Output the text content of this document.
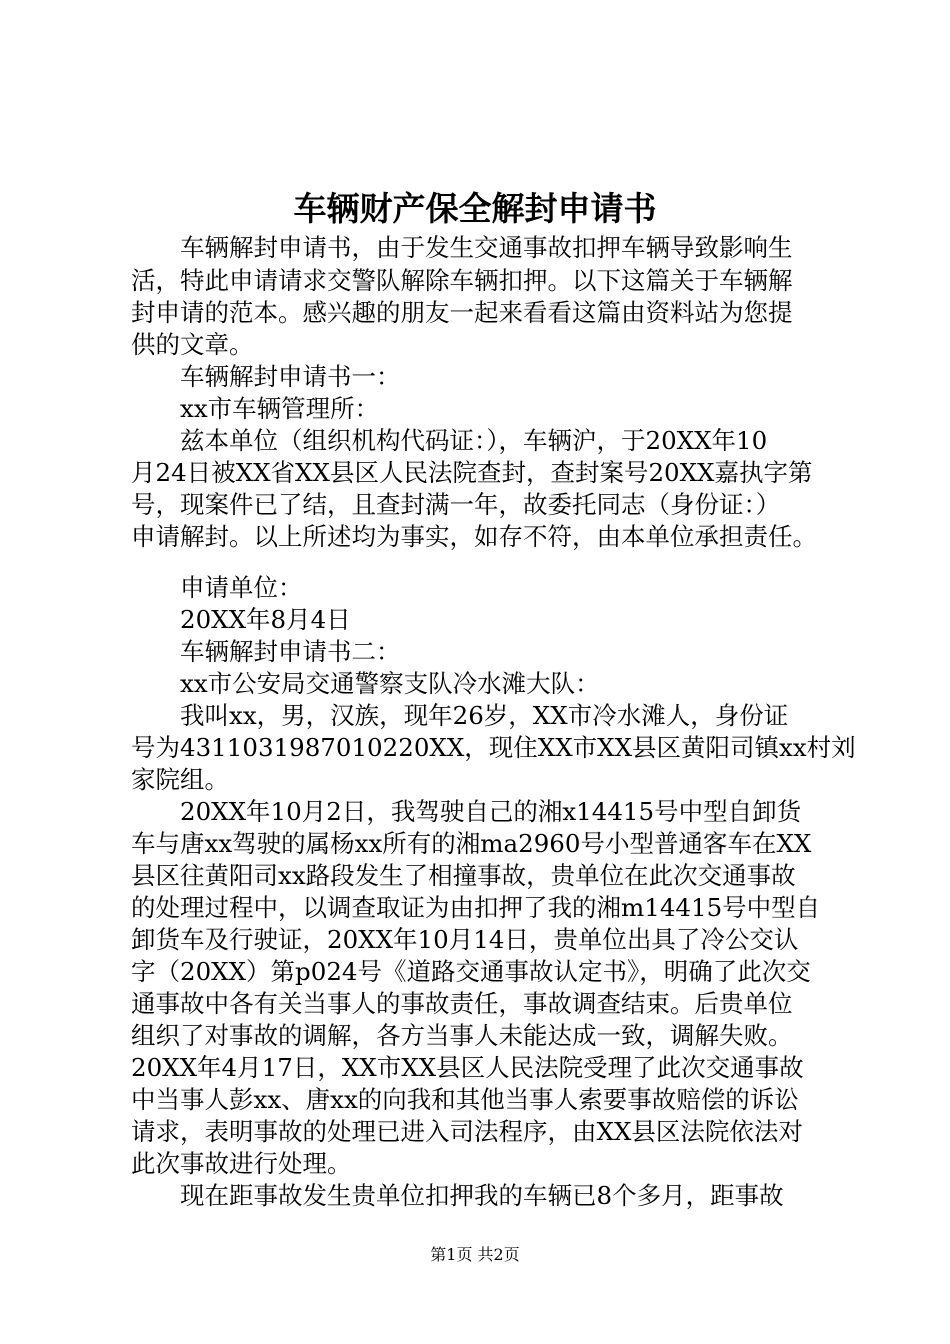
车辆财产保全解封申请书
车辆解封申请书，由于发生交通事故扣押车辆导致影响生
活，特此申请请求交警队解除车辆扣押。以下这篇关于车辆解
封申请的范本。感兴趣的朋友一起来看看这篇由资料站为您提
供的文章。
车辆解封申请书一：
xx市车辆管理所：
兹本单位（组织机构代码证：），车辆沪，于20XX年10
月24日被XX省XX县区人民法院查封，查封案号20XX嘉执字第
号，现案件已了结，且查封满一年，故委托同志（身份证：）
申请解封。以上所述均为事实，如存不符，由本单位承担责任。
申请单位：
20XX年8月4日
车辆解封申请书二：
xx市公安局交通警察支队冷水滩大队：
我叫xx，男，汉族，现年26岁，XX市冷水滩人，身份证
号为4311031987010220XX，现住XX市XX县区黄阳司镇xx村刘
家院组。
20XX年10月2日，我驾驶自己的湘x14415号中型自卸货
车与唐xx驾驶的属杨xx所有的湘ma2960号小型普通客车在XX
县区往黄阳司xx路段发生了相撞事故，贵单位在此次交通事故
的处理过程中，以调查取证为由扣押了我的湘m14415号中型自
卸货车及行驶证，20XX年10月14日，贵单位出具了冷公交认
字（20XX）第p024号《道路交通事故认定书》，明确了此次交
通事故中各有关当事人的事故责任，事故调查结束。后贵单位
组织了对事故的调解，各方当事人未能达成一致，调解失败。
20XX年4月17日，XX市XX县区人民法院受理了此次交通事故
中当事人彭xx、唐xx的向我和其他当事人索要事故赔偿的诉讼
请求，表明事故的处理已进入司法程序，由XX县区法院依法对
此次事故进行处理。
现在距事故发生贵单位扣押我的车辆已8个多月，距事故
第1页 共2页
